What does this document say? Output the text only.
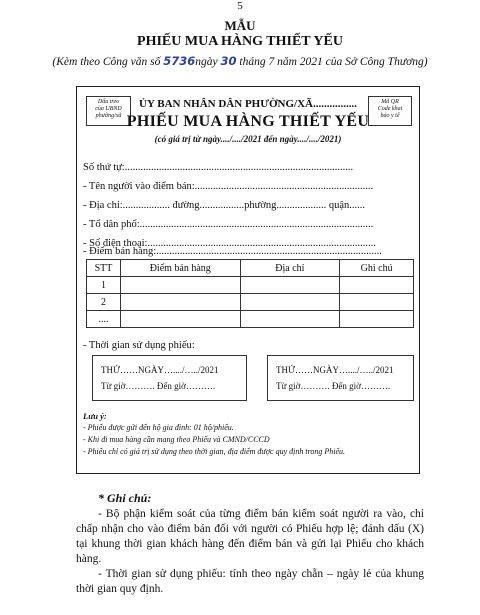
5
MẪU
PHIẾU MUA HÀNG THIẾT YẾU
(Kèm theo Công văn số 5736ngày 30 tháng 7 năm 2021 của Sở Công Thương)
Dấu treo
của UBND
phường/xã
Mã QR
Code khai
báo y tế
ỦY BAN NHÂN DÂN PHƯỜNG/XÃ................
PHIẾU MUA HÀNG THIẾT YẾU
(có giá trị từ ngày..../..../2021 đến ngày..../..../2021)
Số thứ tự:.......................................................................................
- Tên người vào điểm bán:....................................................................
- Địa chỉ:.................. đường.................phường................... quận......
- Tổ dân phố:.........................................................................................
- Số điện thoại:.......................................................................................
- Điểm bán hàng:......................................................................................
STT	Điểm bán hàng	Địa chỉ	Ghi chú
1			
2			
....			
- Thời gian sử dụng phiếu:
THỨ……NGÀY…..../…../2021
Từ giờ………. Đến giờ……….
THỨ……NGÀY…..../…../2021
Từ giờ………. Đến giờ……….
Lưu ý:
- Phiếu được gửi đến hộ gia đình: 01 hộ/phiếu.
- Khi đi mua hàng cần mang theo Phiếu và CMND/CCCD
- Phiếu chỉ có giá trị sử dụng theo thời gian, địa điểm được quy định trong Phiếu.
* Ghi chú:
- Bộ phận kiểm soát của từng điểm bán kiểm soát người ra vào, chỉ chấp nhận cho vào điểm bán đối với người có Phiếu hợp lệ; đánh dấu (X) tại khung thời gian khách hàng đến điểm bán và gửi lại Phiếu cho khách hàng.
- Thời gian sử dụng phiếu: tính theo ngày chẵn – ngày lẻ của khung thời gian quy định.
